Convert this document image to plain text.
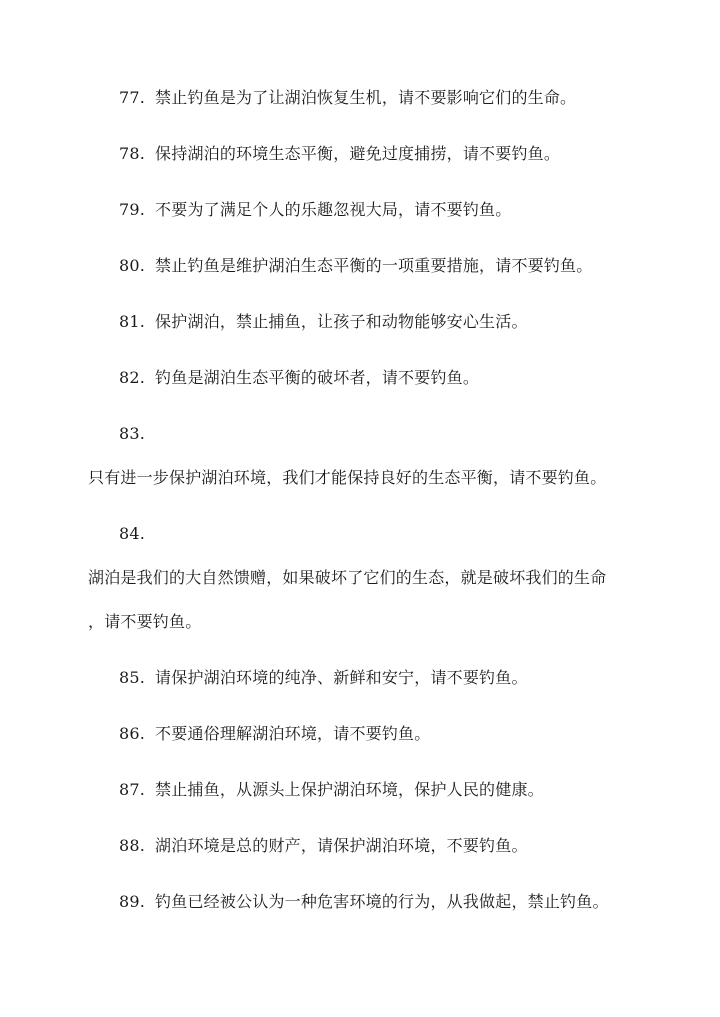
77. 禁止钓鱼是为了让湖泊恢复生机，请不要影响它们的生命。
78. 保持湖泊的环境生态平衡，避免过度捕捞，请不要钓鱼。
79. 不要为了满足个人的乐趣忽视大局，请不要钓鱼。
80. 禁止钓鱼是维护湖泊生态平衡的一项重要措施，请不要钓鱼。
81. 保护湖泊，禁止捕鱼，让孩子和动物能够安心生活。
82. 钓鱼是湖泊生态平衡的破坏者，请不要钓鱼。
83.
只有进一步保护湖泊环境，我们才能保持良好的生态平衡，请不要钓鱼。
84.
湖泊是我们的大自然馈赠，如果破坏了它们的生态，就是破坏我们的生命
，请不要钓鱼。
85. 请保护湖泊环境的纯净、新鲜和安宁，请不要钓鱼。
86. 不要通俗理解湖泊环境，请不要钓鱼。
87. 禁止捕鱼，从源头上保护湖泊环境，保护人民的健康。
88. 湖泊环境是总的财产，请保护湖泊环境，不要钓鱼。
89. 钓鱼已经被公认为一种危害环境的行为，从我做起，禁止钓鱼。
